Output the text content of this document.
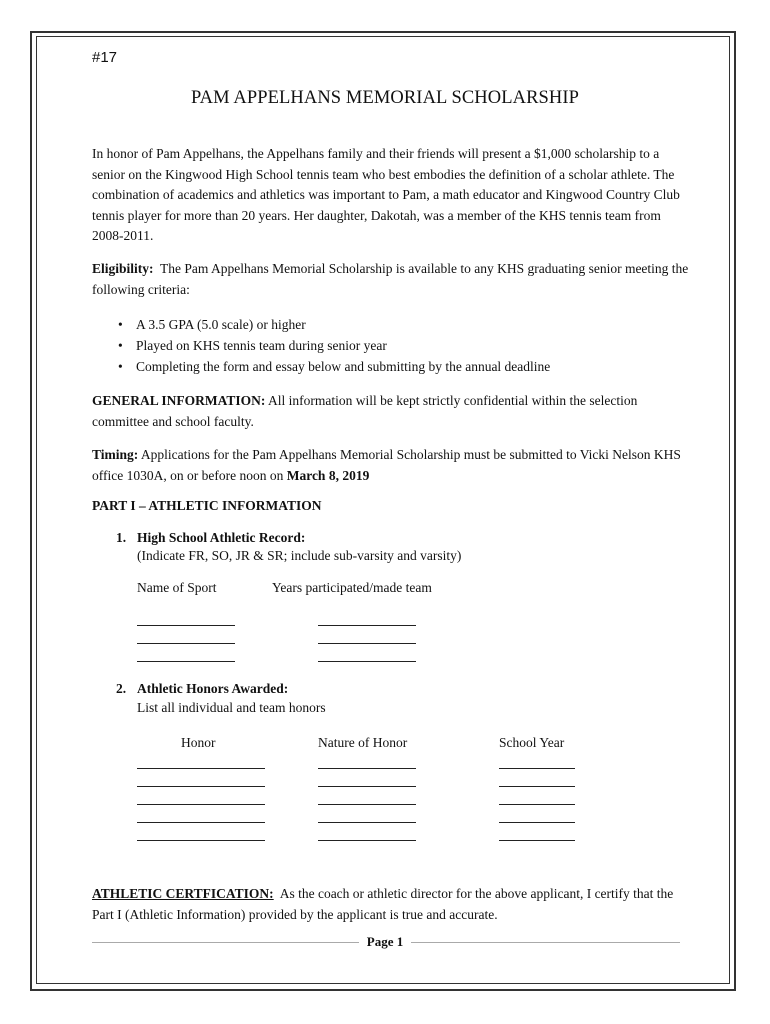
#17

PAM APPELHANS MEMORIAL SCHOLARSHIP

In honor of Pam Appelhans, the Appelhans family and their friends will present a $1,000 scholarship to a senior on the Kingwood High School tennis team who best embodies the definition of a scholar athlete. The combination of academics and athletics was important to Pam, a math educator and Kingwood Country Club tennis player for more than 20 years. Her daughter, Dakotah, was a member of the KHS tennis team from 2008-2011.

Eligibility: The Pam Appelhans Memorial Scholarship is available to any KHS graduating senior meeting the following criteria:

• A 3.5 GPA (5.0 scale) or higher
• Played on KHS tennis team during senior year
• Completing the form and essay below and submitting by the annual deadline

GENERAL INFORMATION: All information will be kept strictly confidential within the selection committee and school faculty.

Timing: Applications for the Pam Appelhans Memorial Scholarship must be submitted to Vicki Nelson KHS office 1030A, on or before noon on March 8, 2019

PART I – ATHLETIC INFORMATION

1. High School Athletic Record:

(Indicate FR, SO, JR & SR; include sub-varsity and varsity)

Name of Sport	Years participated/made team

2. Athletic Honors Awarded:

List all individual and team honors

Honor	Nature of Honor	School Year

ATHLETIC CERTFICATION: As the coach or athletic director for the above applicant, I certify that the Part I (Athletic Information) provided by the applicant is true and accurate.

Page 1
